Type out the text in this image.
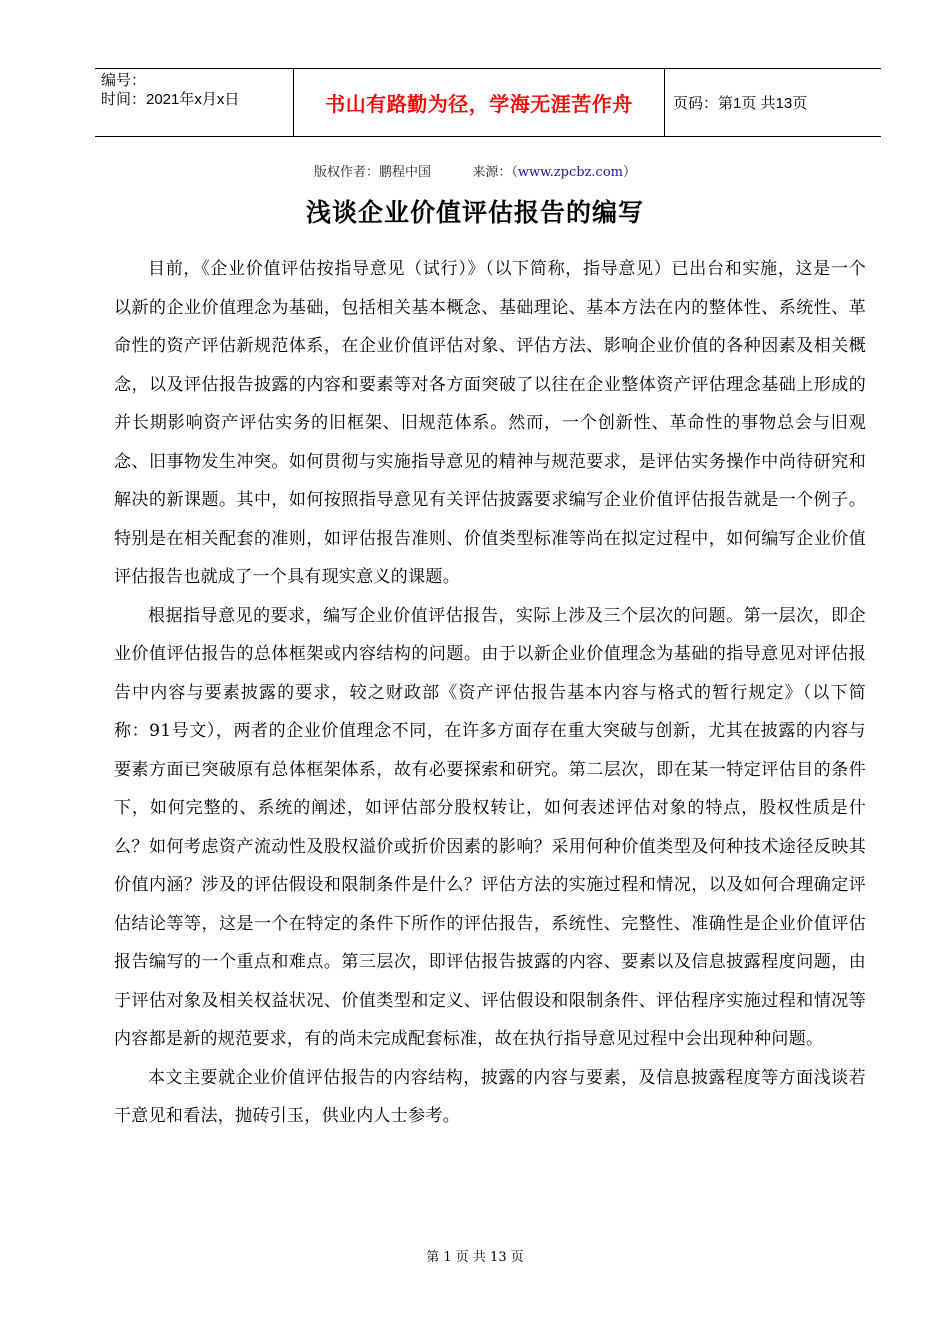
编号：
时间：2021年x月x日	书山有路勤为径，学海无涯苦作舟	页码：第1页 共13页
版权作者：鹏程中国	来源：（www.zpcbz.com）
浅谈企业价值评估报告的编写

目前，《企业价值评估按指导意见（试行）》（以下简称，指导意见）已出台和实施，这是一个以新的企业价值理念为基础，包括相关基本概念、基础理论、基本方法在内的整体性、系统性、革命性的资产评估新规范体系，在企业价值评估对象、评估方法、影响企业价值的各种因素及相关概念，以及评估报告披露的内容和要素等对各方面突破了以往在企业整体资产评估理念基础上形成的并长期影响资产评估实务的旧框架、旧规范体系。然而，一个创新性、革命性的事物总会与旧观念、旧事物发生冲突。如何贯彻与实施指导意见的精神与规范要求，是评估实务操作中尚待研究和解决的新课题。其中，如何按照指导意见有关评估披露要求编写企业价值评估报告就是一个例子。特别是在相关配套的准则，如评估报告准则、价值类型标准等尚在拟定过程中，如何编写企业价值评估报告也就成了一个具有现实意义的课题。

根据指导意见的要求，编写企业价值评估报告，实际上涉及三个层次的问题。第一层次，即企业价值评估报告的总体框架或内容结构的问题。由于以新企业价值理念为基础的指导意见对评估报告中内容与要素披露的要求，较之财政部《资产评估报告基本内容与格式的暂行规定》（以下简称：91号文），两者的企业价值理念不同，在许多方面存在重大突破与创新，尤其在披露的内容与要素方面已突破原有总体框架体系，故有必要探索和研究。第二层次，即在某一特定评估目的条件下，如何完整的、系统的阐述，如评估部分股权转让，如何表述评估对象的特点，股权性质是什么？如何考虑资产流动性及股权溢价或折价因素的影响？采用何种价值类型及何种技术途径反映其价值内涵？涉及的评估假设和限制条件是什么？评估方法的实施过程和情况，以及如何合理确定评估结论等等，这是一个在特定的条件下所作的评估报告，系统性、完整性、准确性是企业价值评估报告编写的一个重点和难点。第三层次，即评估报告披露的内容、要素以及信息披露程度问题，由于评估对象及相关权益状况、价值类型和定义、评估假设和限制条件、评估程序实施过程和情况等内容都是新的规范要求，有的尚未完成配套标准，故在执行指导意见过程中会出现种种问题。

本文主要就企业价值评估报告的内容结构，披露的内容与要素，及信息披露程度等方面浅谈若干意见和看法，抛砖引玉，供业内人士参考。

第 1 页 共 13 页
